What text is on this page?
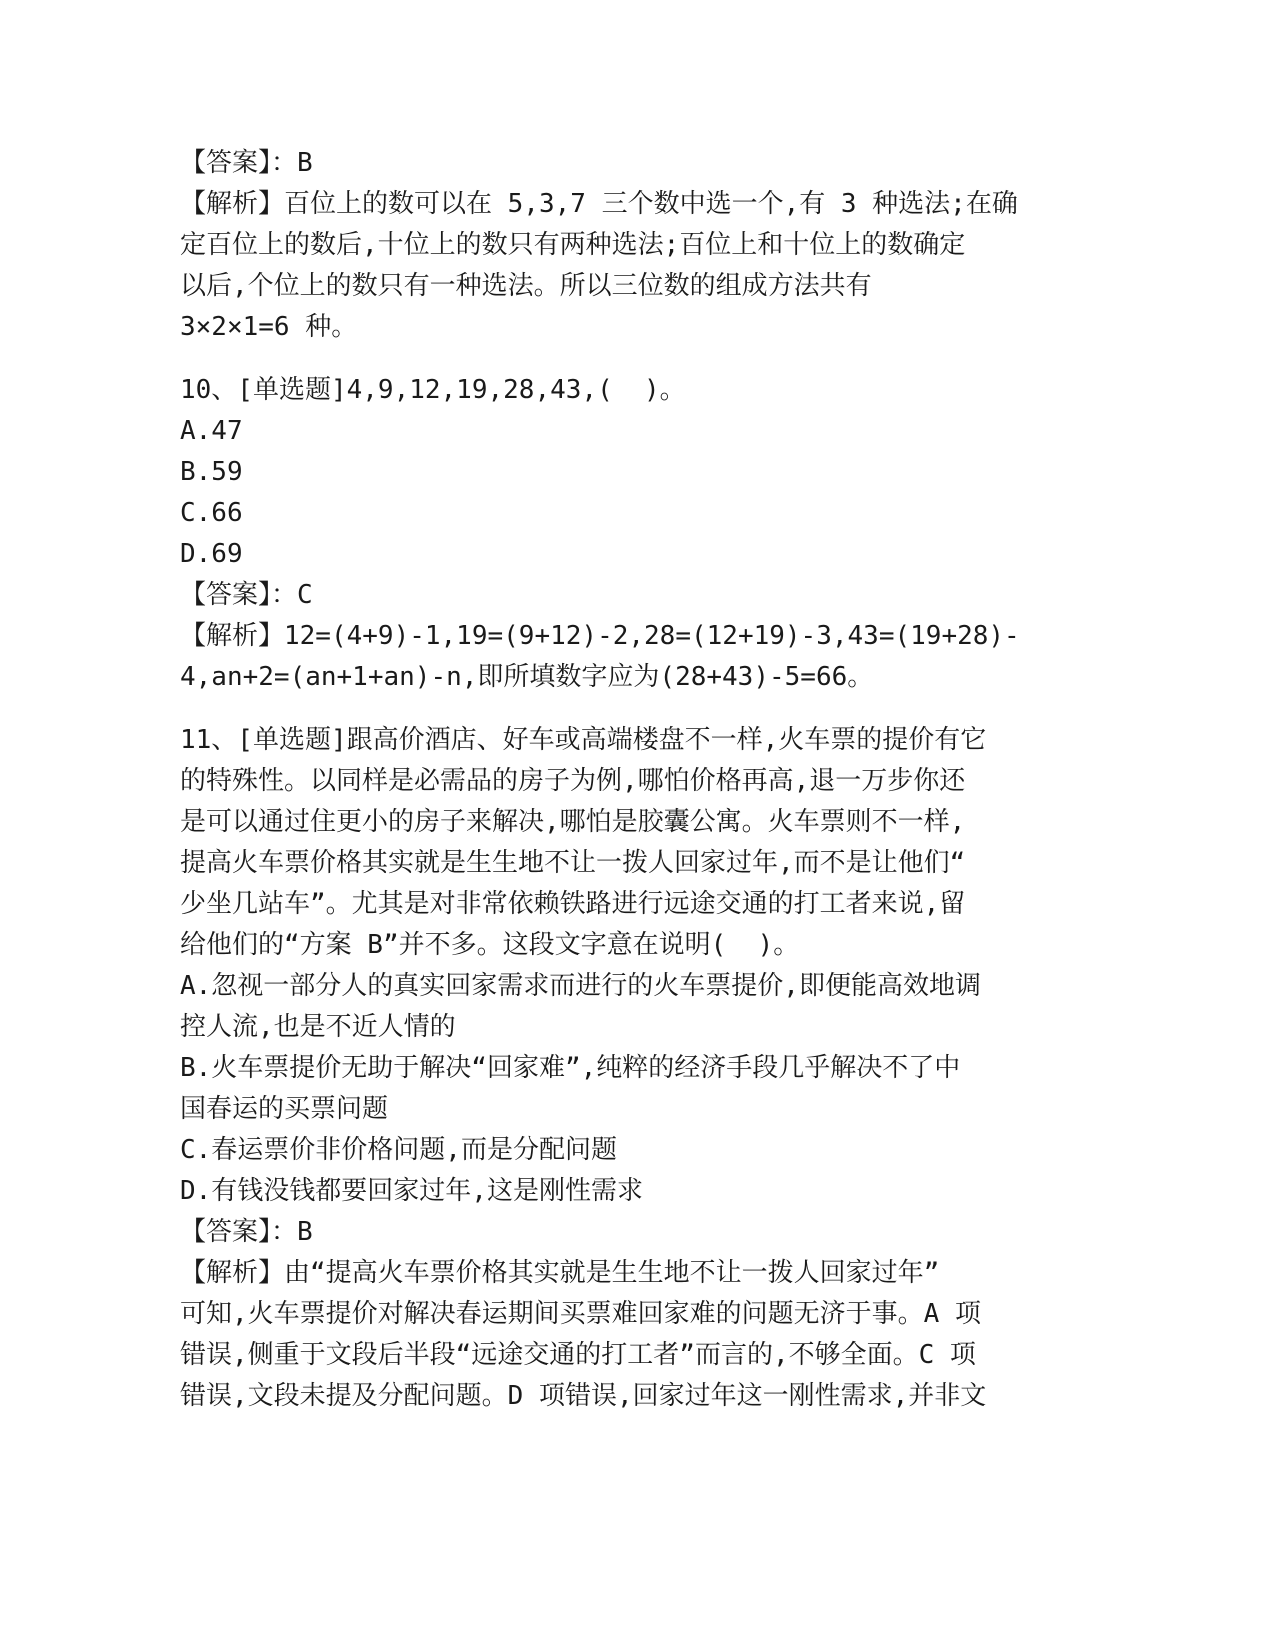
【答案】：B
【解析】百位上的数可以在 5,3,7 三个数中选一个,有 3 种选法;在确
定百位上的数后,十位上的数只有两种选法;百位上和十位上的数确定
以后,个位上的数只有一种选法。所以三位数的组成方法共有
3×2×1=6 种。
10、[单选题]4,9,12,19,28,43,(  )。
A.47
B.59
C.66
D.69
【答案】：C
【解析】12=(4+9)-1,19=(9+12)-2,28=(12+19)-3,43=(19+28)-
4,an+2=(an+1+an)-n,即所填数字应为(28+43)-5=66。
11、[单选题]跟高价酒店、好车或高端楼盘不一样,火车票的提价有它
的特殊性。以同样是必需品的房子为例,哪怕价格再高,退一万步你还
是可以通过住更小的房子来解决,哪怕是胶囊公寓。火车票则不一样,
提高火车票价格其实就是生生地不让一拨人回家过年,而不是让他们“
少坐几站车”。尤其是对非常依赖铁路进行远途交通的打工者来说,留
给他们的“方案 B”并不多。这段文字意在说明(  )。
A.忽视一部分人的真实回家需求而进行的火车票提价,即便能高效地调
控人流,也是不近人情的
B.火车票提价无助于解决“回家难”,纯粹的经济手段几乎解决不了中
国春运的买票问题
C.春运票价非价格问题,而是分配问题
D.有钱没钱都要回家过年,这是刚性需求
【答案】：B
【解析】由“提高火车票价格其实就是生生地不让一拨人回家过年”
可知,火车票提价对解决春运期间买票难回家难的问题无济于事。A 项
错误,侧重于文段后半段“远途交通的打工者”而言的,不够全面。C 项
错误,文段未提及分配问题。D 项错误,回家过年这一刚性需求,并非文
